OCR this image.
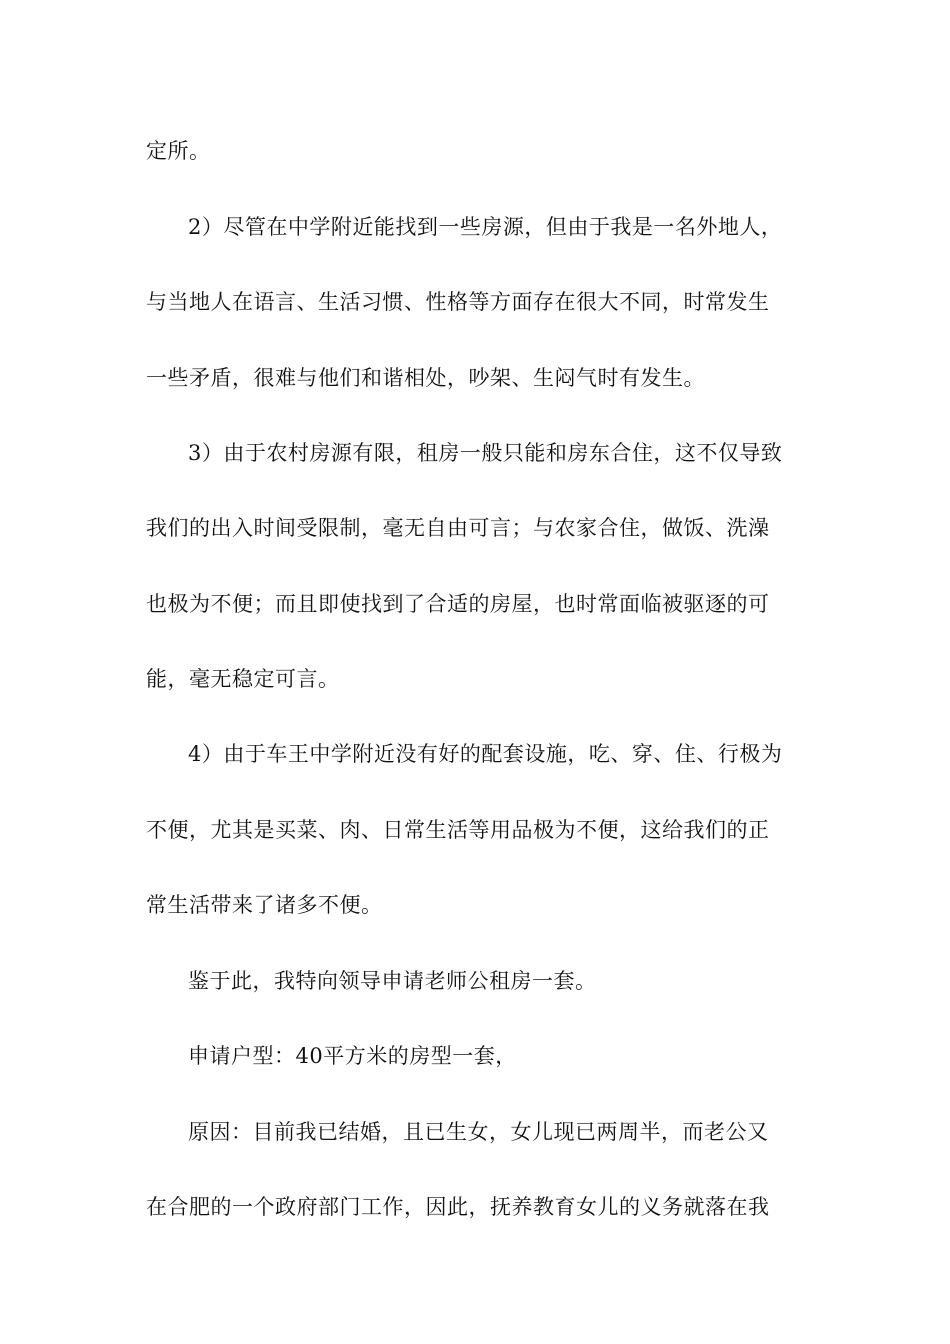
定所。
2）尽管在中学附近能找到一些房源，但由于我是一名外地人，
与当地人在语言、生活习惯、性格等方面存在很大不同，时常发生
一些矛盾，很难与他们和谐相处，吵架、生闷气时有发生。
3）由于农村房源有限，租房一般只能和房东合住，这不仅导致
我们的出入时间受限制，毫无自由可言；与农家合住，做饭、洗澡
也极为不便；而且即使找到了合适的房屋，也时常面临被驱逐的可
能，毫无稳定可言。
4）由于车王中学附近没有好的配套设施，吃、穿、住、行极为
不便，尤其是买菜、肉、日常生活等用品极为不便，这给我们的正
常生活带来了诸多不便。
鉴于此，我特向领导申请老师公租房一套。
申请户型：40平方米的房型一套，
原因：目前我已结婚，且已生女，女儿现已两周半，而老公又
在合肥的一个政府部门工作，因此，抚养教育女儿的义务就落在我
